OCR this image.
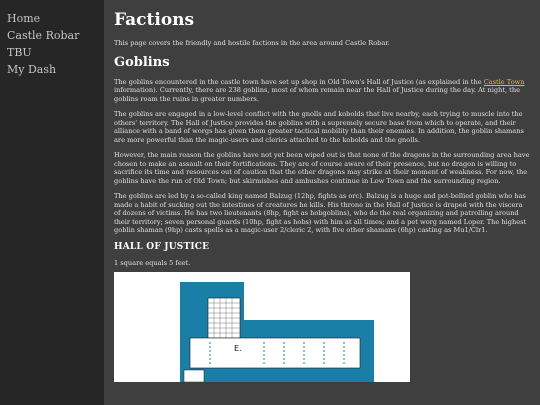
Home
Castle Robar
TBU
My Dash
Factions

This page covers the friendly and hostile factions in the area around Castle Robar.

Goblins

The goblins encountered in the castle town have set up shop in Old Town's Hall of Justice (as explained in the Castle Town information). Currently, there are 238 goblins, most of whom remain near the Hall of Justice during the day. At night, the goblins roam the ruins in greater numbers.

The goblins are engaged in a low-level conflict with the gnolls and kobolds that live nearby, each trying to muscle into the others' territory. The Hall of Justice provides the goblins with a supremely secure base from which to operate, and their alliance with a band of worgs has given them greater tactical mobility than their enemies. In addition, the goblin shamans are more powerful than the magic-users and clerics attached to the kobolds and the gnolls.

However, the main reason the goblins have not yet been wiped out is that none of the dragons in the surrounding area have chosen to make an assault on their fortifications. They are of course aware of their presence, but no dragon is willing to sacrifice its time and resources out of caution that the other dragons may strike at their moment of weakness. For now, the goblins have the run of Old Town; but skirmishes and ambushes continue in Low Town and the surrounding region.

The goblins are led by a so-called king named Balzug (12hp, fights as orc). Balzug is a huge and pot-bellied goblin who has made a habit of sucking out the intestines of creatures he kills. His throne in the Hall of Justice is draped with the viscera of dozens of victims. He has two lieutenants (8hp, fight as hobgoblins), who do the real organizing and patrolling around their territory; seven personal guards (10hp, fight as hobs) with him at all times; and a pet worg named Loper. The highest goblin shaman (9hp) casts spells as a magic-user 2/cleric 2, with five other shamans (6hp) casting as Mu1/Clr1.

HALL OF JUSTICE

1 square equals 5 feet.

E.
